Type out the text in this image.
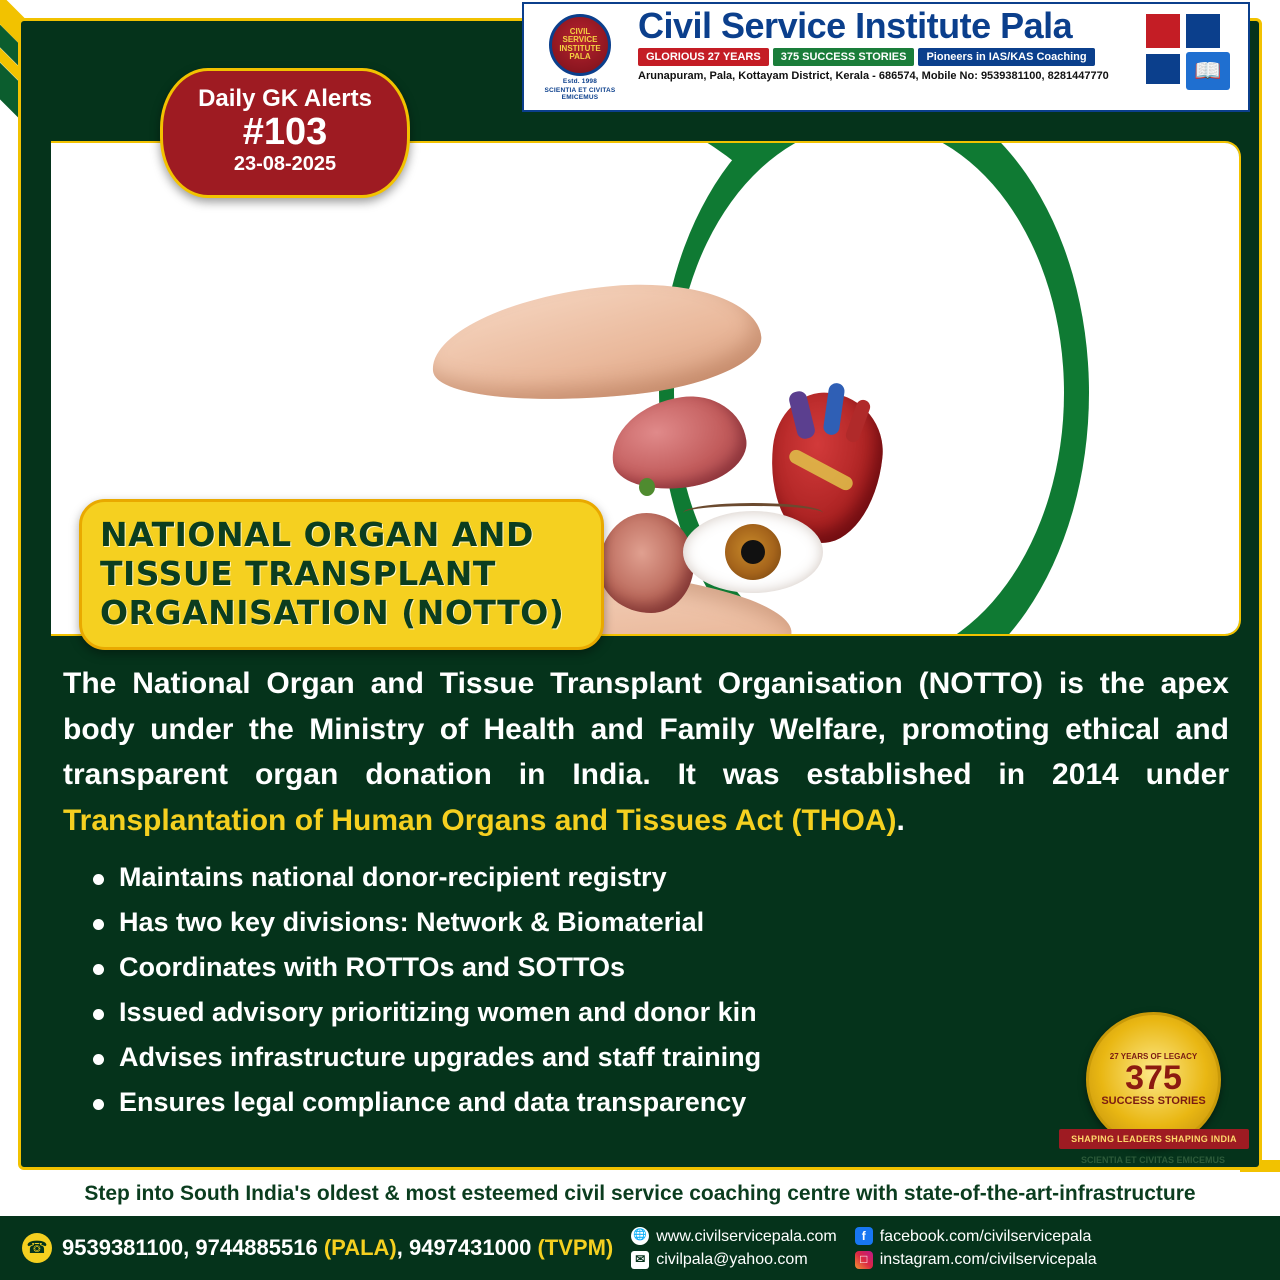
NATIONAL ORGAN AND TISSUE TRANSPLANT ORGANISATION (NOTTO)

The National Organ and Tissue Transplant Organisation (NOTTO) is the apex body under the Ministry of Health and Family Welfare, promoting ethical and transparent organ donation in India. It was established in 2014 under Transplantation of Human Organs and Tissues Act (THOA).

Maintains national donor-recipient registry
Has two key divisions: Network & Biomaterial
Coordinates with ROTTOs and SOTTOs
Issued advisory prioritizing women and donor kin
Advises infrastructure upgrades and staff training
Ensures legal compliance and data transparency
27 YEARS OF LEGACY
375
SUCCESS STORIES
SHAPING LEADERS SHAPING INDIA
SCIENTIA ET CIVITAS EMICEMUS
CIVIL SERVICE INSTITUTE PALA
Estd. 1998
SCIENTIA ET CIVITAS EMICEMUS
Civil Service Institute Pala
GLORIOUS 27 YEARS	375 SUCCESS STORIES	Pioneers in IAS/KAS Coaching
Arunapuram, Pala, Kottayam District, Kerala - 686574, Mobile No: 9539381100, 8281447770	📖
Daily GK Alerts
#103
23-08-2025
Step into South India's oldest & most esteemed civil service coaching centre with state-of-the-art-infrastructure
☎ 9539381100, 9744885516 (PALA), 9497431000 (TVPM) 🌐 www.civilservicepala.com
✉ civilpala@yahoo.com
f facebook.com/civilservicepala
□ instagram.com/civilservicepala
